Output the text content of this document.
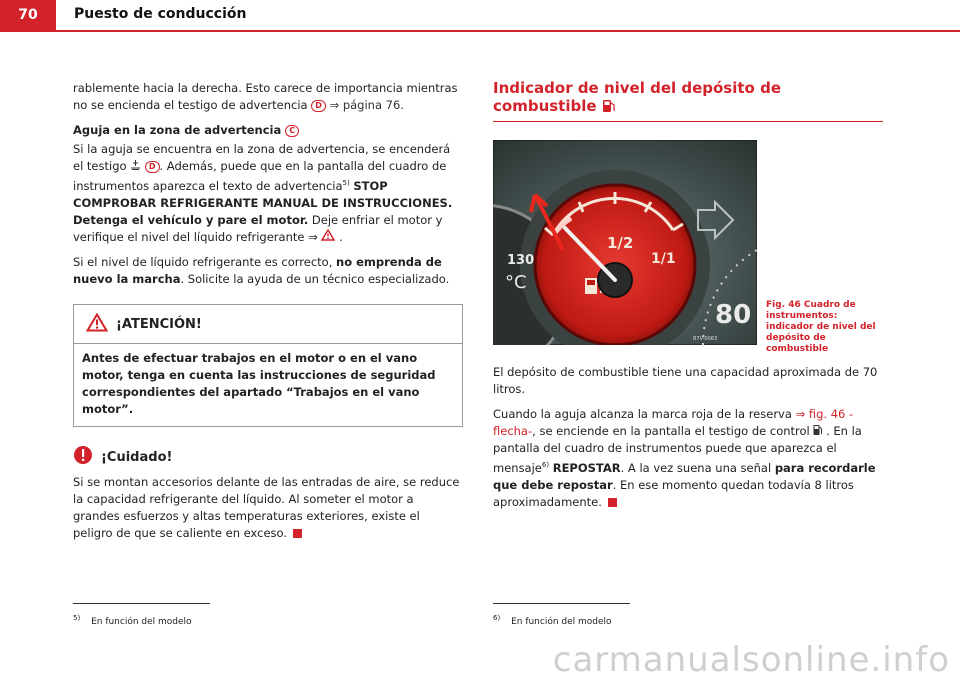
70	Puesto de conducción

rablemente hacia la derecha. Esto carece de importancia mientras no se encienda el testigo de advertencia D ⇒ página 76.

Aguja en la zona de advertencia C

Si la aguja se encuentra en la zona de advertencia, se encenderá el testigo	D . Además, puede que en la pantalla del cuadro de instrumentos aparezca el texto de advertencia$^{5)}$ STOP COMPROBAR REFRIGERANTE MANUAL DE INSTRUCCIONES. Detenga el vehículo y pare el motor. Deje enfriar el motor y verifique el nivel del líquido refrigerante ⇒  .

Si el nivel de líquido refrigerante es correcto, no emprenda de nuevo la marcha. Solicite la ayuda de un técnico especializado.

¡ATENCIÓN!
Antes de efectuar trabajos en el motor o en el vano motor, tenga en cuenta las instrucciones de seguridad correspondientes del apartado “Trabajos en el vano motor”.
¡Cuidado!

Si se montan accesorios delante de las entradas de aire, se reduce la capacidad refrigerante del líquido. Al someter el motor a grandes esfuerzos y altas temperaturas exteriores, existe el peligro de que se caliente en exceso.

Indicador de nivel del depósito de combustible
1/2
1/1
130
°C
80
B7V-0063
Fig. 46 Cuadro de instrumentos: indicador de nivel del depósito de combustible

El depósito de combustible tiene una capacidad aproximada de 70 litros.

Cuando la aguja alcanza la marca roja de la reserva ⇒ fig. 46 -flecha-, se enciende en la pantalla el testigo de control . En la pantalla del cuadro de instrumentos puede que aparezca el mensaje$^{6)}$ REPOSTAR. A la vez suena una señal para recordarle que debe repostar. En ese momento quedan todavía 8 litros aproximadamente.

$^{5)}$ En función del modelo	$^{6)}$ En función del modelo
carmanualsonline.info
